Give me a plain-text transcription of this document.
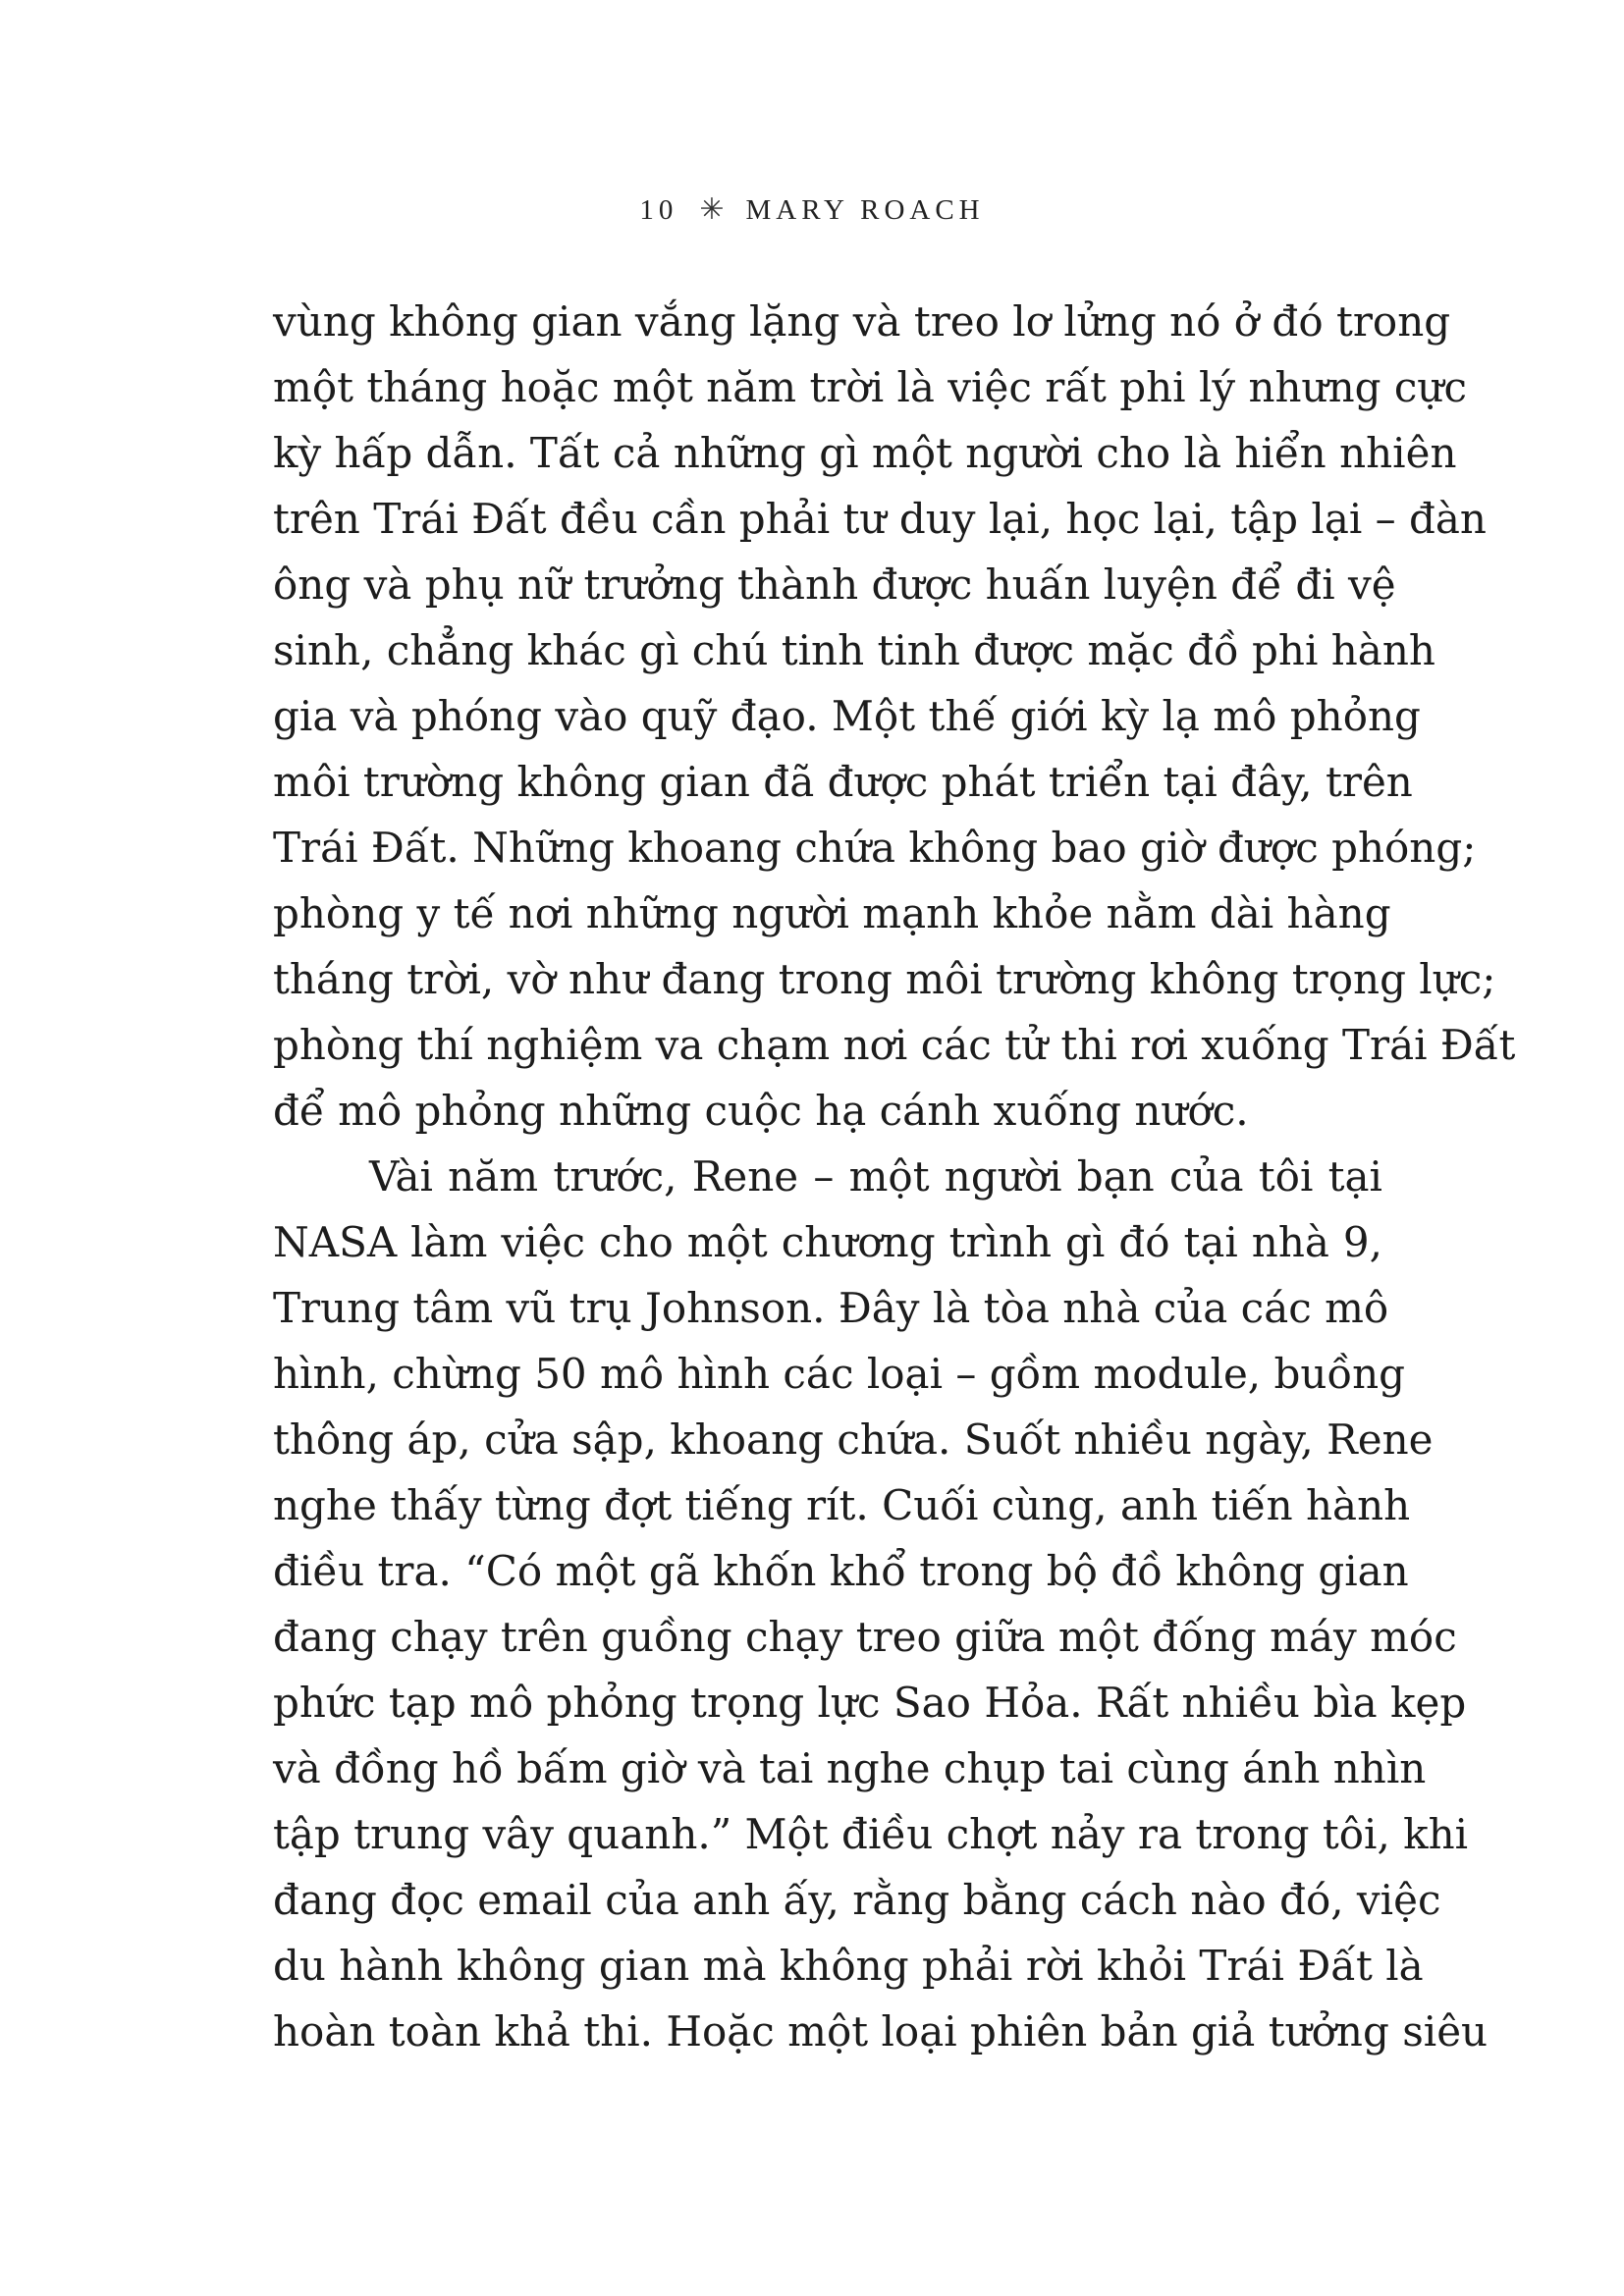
10 ✳ MARY ROACH
vùng không gian vắng lặng và treo lơ lửng nó ở đó trong
một tháng hoặc một năm trời là việc rất phi lý nhưng cực
kỳ hấp dẫn. Tất cả những gì một người cho là hiển nhiên
trên Trái Đất đều cần phải tư duy lại, học lại, tập lại – đàn
ông và phụ nữ trưởng thành được huấn luyện để đi vệ
sinh, chẳng khác gì chú tinh tinh được mặc đồ phi hành
gia và phóng vào quỹ đạo. Một thế giới kỳ lạ mô phỏng
môi trường không gian đã được phát triển tại đây, trên
Trái Đất. Những khoang chứa không bao giờ được phóng;
phòng y tế nơi những người mạnh khỏe nằm dài hàng
tháng trời, vờ như đang trong môi trường không trọng lực;
phòng thí nghiệm va chạm nơi các tử thi rơi xuống Trái Đất
để mô phỏng những cuộc hạ cánh xuống nước.
Vài năm trước, Rene – một người bạn của tôi tại
NASA làm việc cho một chương trình gì đó tại nhà 9,
Trung tâm vũ trụ Johnson. Đây là tòa nhà của các mô
hình, chừng 50 mô hình các loại – gồm module, buồng
thông áp, cửa sập, khoang chứa. Suốt nhiều ngày, Rene
nghe thấy từng đợt tiếng rít. Cuối cùng, anh tiến hành
điều tra. “Có một gã khốn khổ trong bộ đồ không gian
đang chạy trên guồng chạy treo giữa một đống máy móc
phức tạp mô phỏng trọng lực Sao Hỏa. Rất nhiều bìa kẹp
và đồng hồ bấm giờ và tai nghe chụp tai cùng ánh nhìn
tập trung vây quanh.” Một điều chợt nảy ra trong tôi, khi
đang đọc email của anh ấy, rằng bằng cách nào đó, việc
du hành không gian mà không phải rời khỏi Trái Đất là
hoàn toàn khả thi. Hoặc một loại phiên bản giả tưởng siêu
